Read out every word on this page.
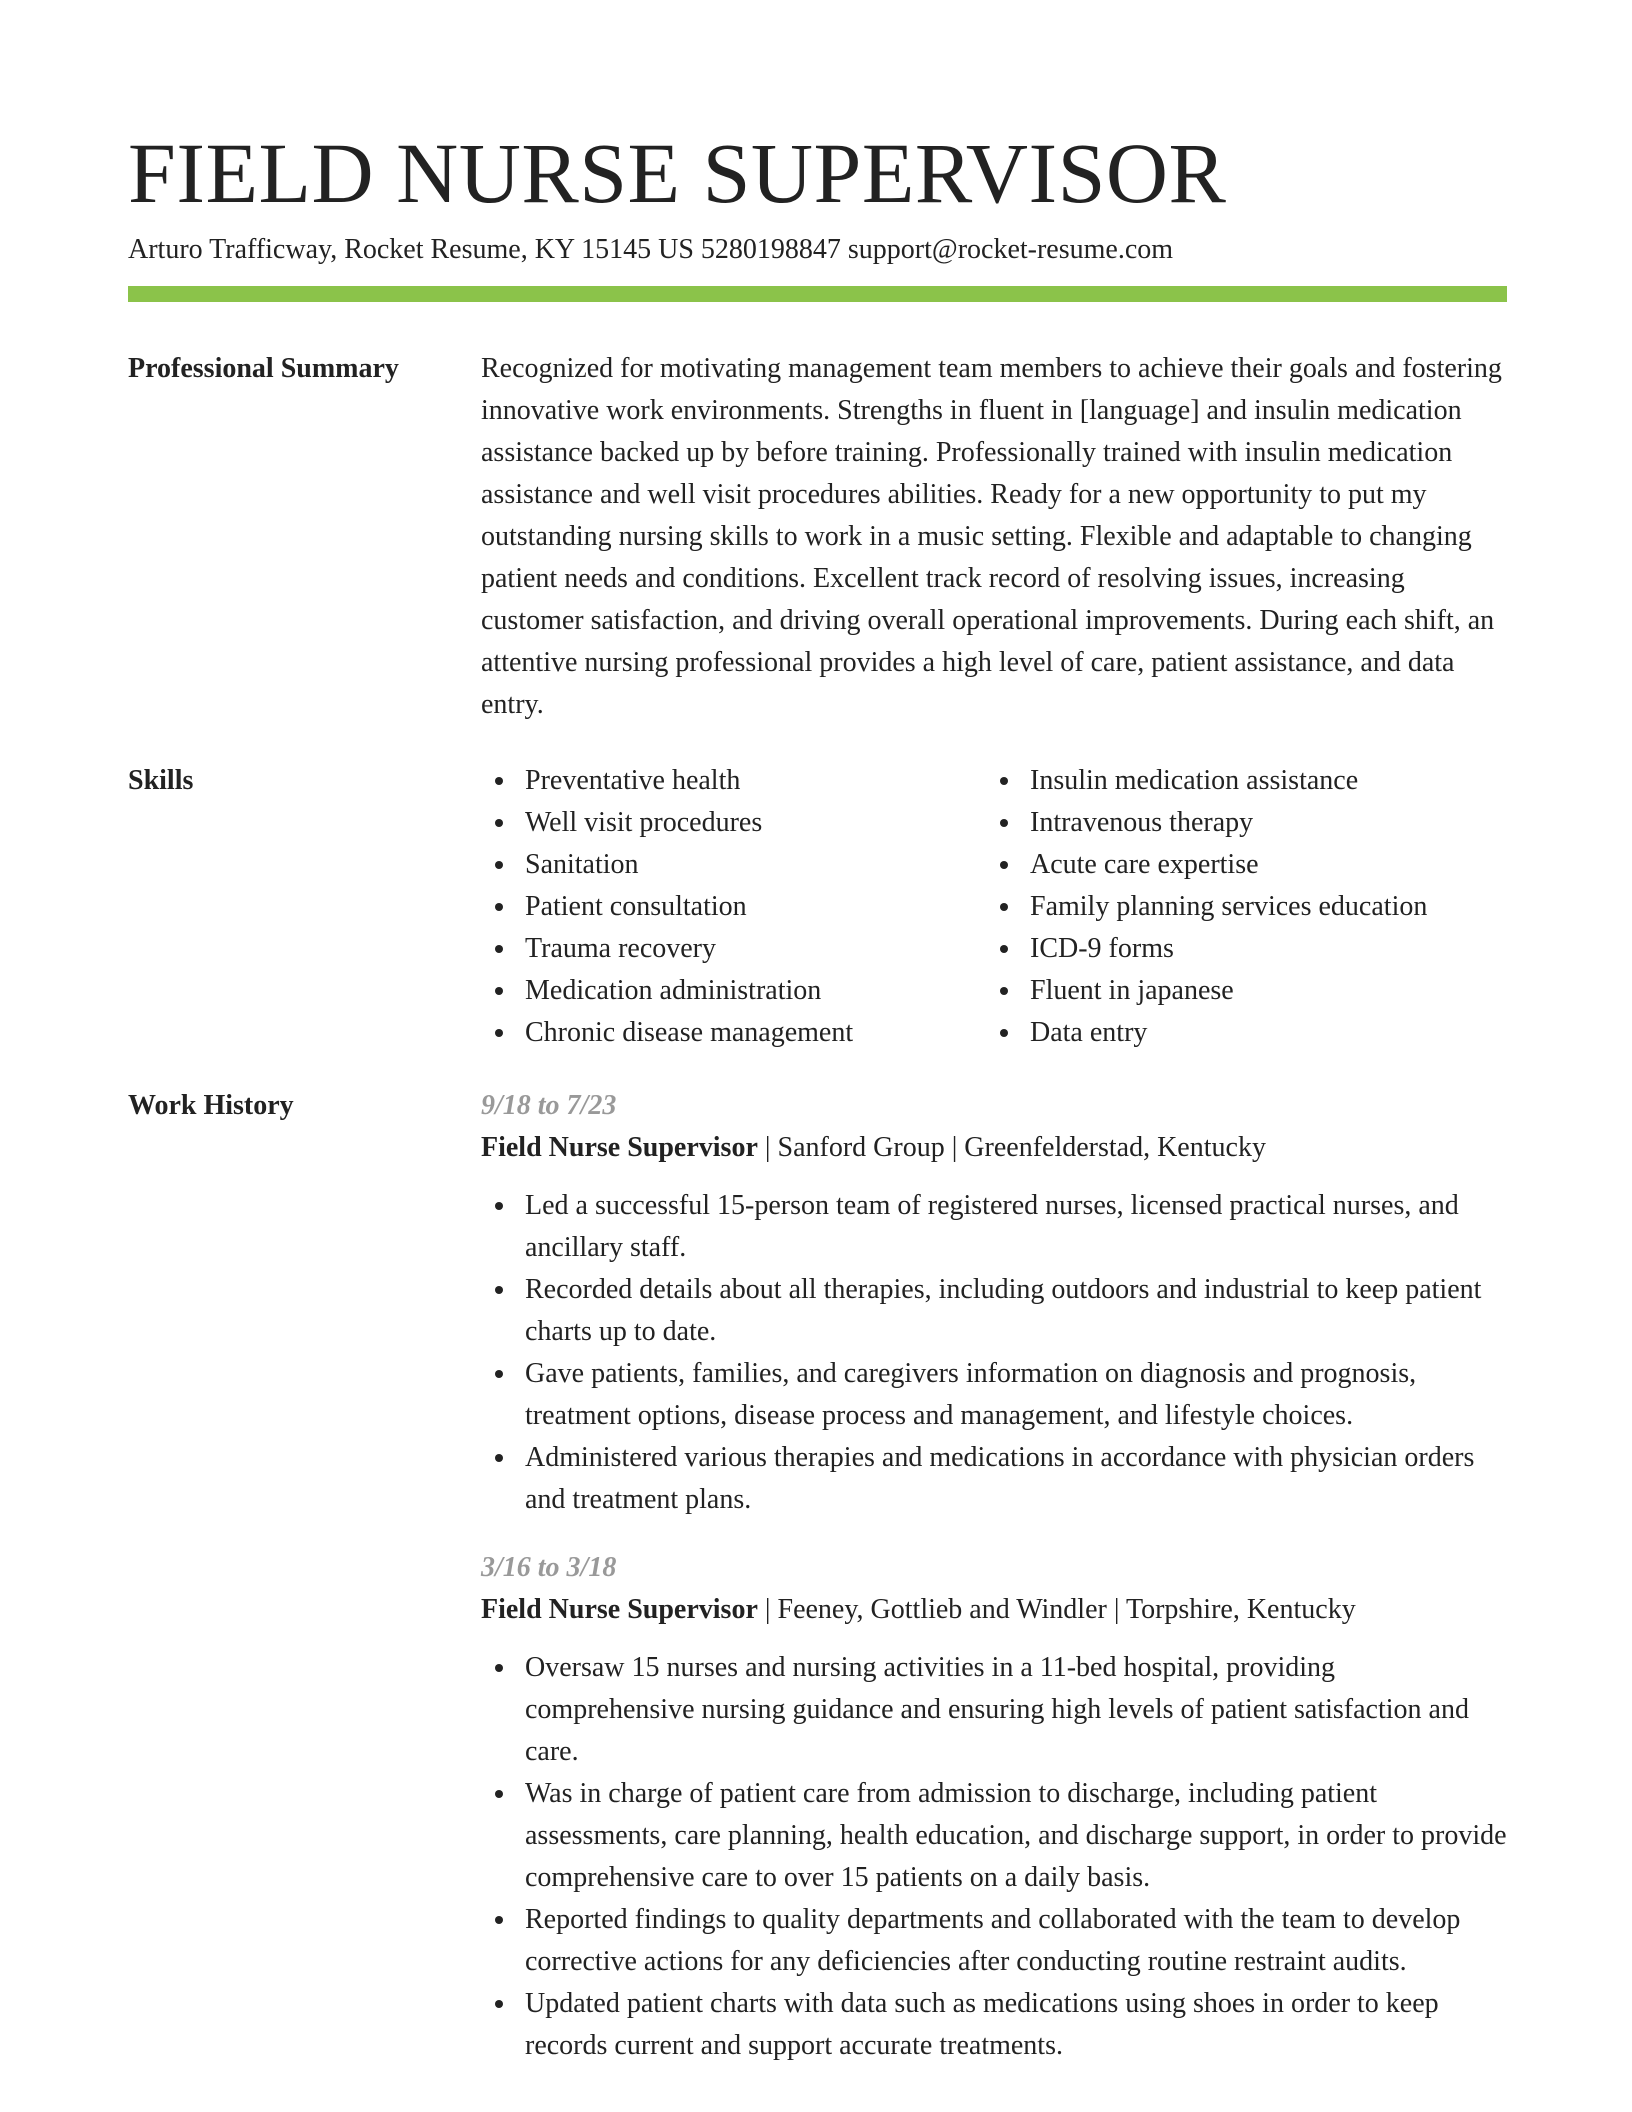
FIELD NURSE SUPERVISOR
Arturo Trafficway, Rocket Resume, KY 15145 US 5280198847 support@rocket-resume.com
Professional Summary	Recognized for motivating management team members to achieve their goals and fostering innovative work environments. Strengths in fluent in [language] and insulin medication assistance backed up by before training. Professionally trained with insulin medication assistance and well visit procedures abilities. Ready for a new opportunity to put my outstanding nursing skills to work in a music setting. Flexible and adaptable to changing patient needs and conditions. Excellent track record of resolving issues, increasing customer satisfaction, and driving overall operational improvements. During each shift, an attentive nursing professional provides a high level of care, patient assistance, and data entry.

Skills	Preventative health
Well visit procedures
Sanitation
Patient consultation
Trauma recovery
Medication administration
Chronic disease management
Insulin medication assistance
Intravenous therapy
Acute care expertise
Family planning services education
ICD-9 forms
Fluent in japanese
Data entry
Work History	9/18 to 7/23
Field Nurse Supervisor | Sanford Group | Greenfelderstad, Kentucky
Led a successful 15-person team of registered nurses, licensed practical nurses, and ancillary staff.
Recorded details about all therapies, including outdoors and industrial to keep patient charts up to date.
Gave patients, families, and caregivers information on diagnosis and prognosis, treatment options, disease process and management, and lifestyle choices.
Administered various therapies and medications in accordance with physician orders and treatment plans.
3/16 to 3/18
Field Nurse Supervisor | Feeney, Gottlieb and Windler | Torpshire, Kentucky
Oversaw 15 nurses and nursing activities in a 11-bed hospital, providing comprehensive nursing guidance and ensuring high levels of patient satisfaction and care.
Was in charge of patient care from admission to discharge, including patient assessments, care planning, health education, and discharge support, in order to provide comprehensive care to over 15 patients on a daily basis.
Reported findings to quality departments and collaborated with the team to develop corrective actions for any deficiencies after conducting routine restraint audits.
Updated patient charts with data such as medications using shoes in order to keep records current and support accurate treatments.
